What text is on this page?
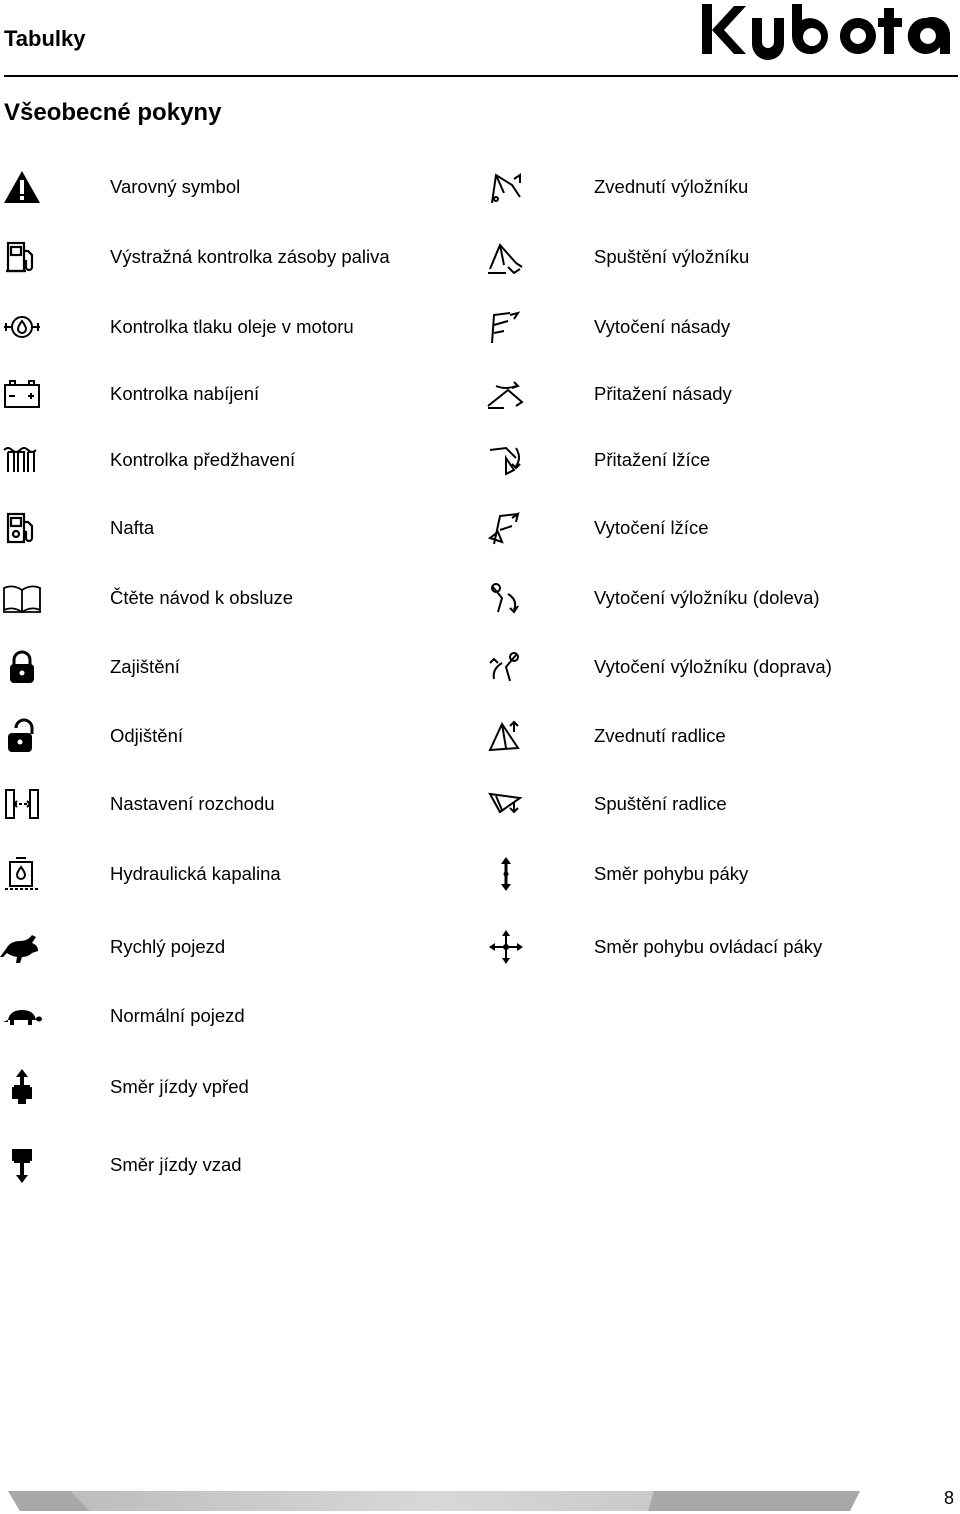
Tabulky
Všeobecné pokyny
Varovný symbol
Výstražná kontrolka zásoby paliva
Kontrolka tlaku oleje v motoru
Kontrolka nabíjení
Kontrolka předžhavení
Nafta
Čtěte návod k obsluze
Zajištění
Odjištění
Nastavení rozchodu
Hydraulická kapalina
Rychlý pojezd
Normální pojezd
Směr jízdy vpřed
Směr jízdy vzad
Zvednutí výložníku
Spuštění výložníku
Vytočení násady
Přitažení násady
Přitažení lžíce
Vytočení lžíce
Vytočení výložníku (doleva)
Vytočení výložníku (doprava)
Zvednutí radlice
Spuštění radlice
Směr pohybu páky
Směr pohybu ovládací páky
8
